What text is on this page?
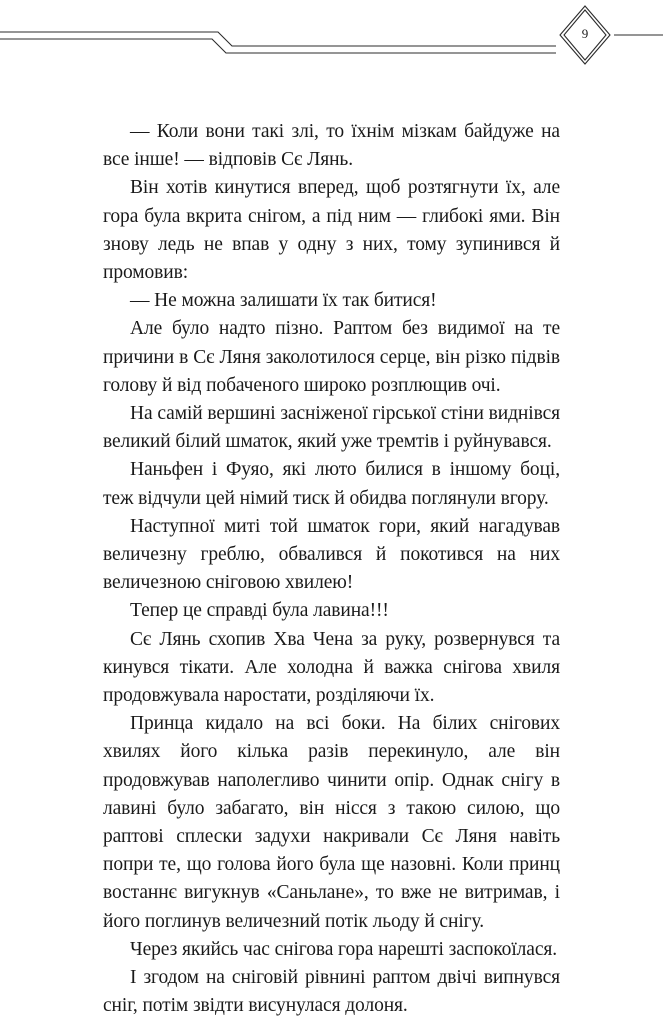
9

— Коли вони такі злі, то їхнім мізкам байдуже на все інше! — відповів Сє Лянь.

Він хотів кинутися вперед, щоб розтягнути їх, але гора була вкрита снігом, а під ним — глибокі ями. Він знову ледь не впав у одну з них, тому зупинився й промовив:

— Не можна залишати їх так битися!

Але було надто пізно. Раптом без видимої на те причини в Сє Ляня заколотилося серце, він різко підвів голову й від побаченого широко розплющив очі.

На самій вершині засніженої гірської стіни виднівся великий білий шматок, який уже тремтів і руйнувався.

Наньфен і Фуяо, які люто билися в іншому боці, теж відчули цей німий тиск й обидва поглянули вгору.

Наступної миті той шматок гори, який нагадував величезну греблю, обвалився й покотився на них величезною сніговою хвилею!

Тепер це справді була лавина!!!

Сє Лянь схопив Хва Чена за руку, розвернувся та кинувся тікати. Але холодна й важка снігова хвиля продовжувала наростати, розділяючи їх.

Принца кидало на всі боки. На білих снігових хвилях його кілька разів перекинуло, але він продовжував наполегливо чинити опір. Однак снігу в лавині було забагато, він нісся з такою силою, що раптові сплески задухи накривали Сє Ляня навіть попри те, що голова його була ще назовні. Коли принц востаннє вигукнув «Саньлане», то вже не витримав, і його поглинув величезний потік льоду й снігу.

Через якийсь час снігова гора нарешті заспокоїлася.

І згодом на сніговій рівнині раптом двічі випнувся сніг, потім звідти висунулася долоня.
